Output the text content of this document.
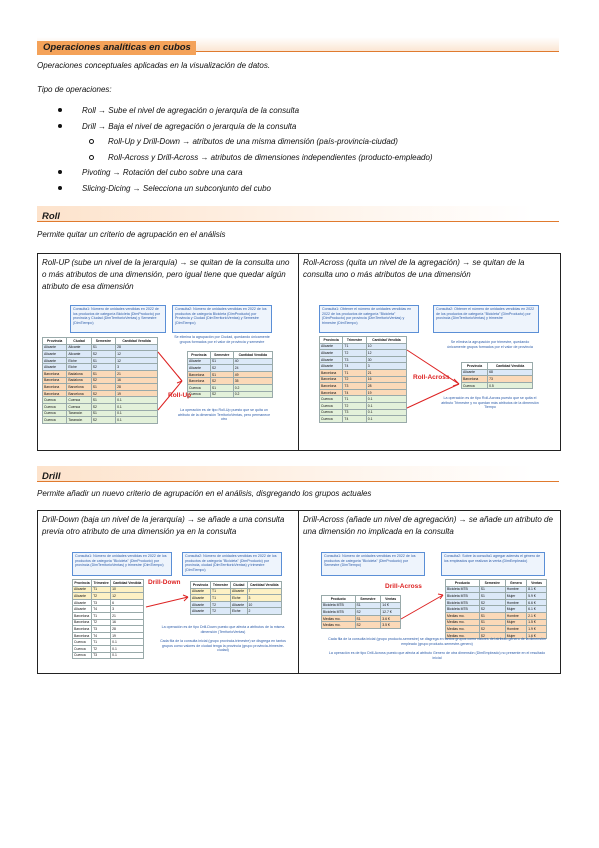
Operaciones analíticas en cubos
Operaciones conceptuales aplicadas en la visualización de datos.
Tipo de operaciones:
Roll → Sube el nivel de agregación o jerarquía de la consulta
Drill → Baja el nivel de agregación o jerarquía de la consulta
Roll-Up y Drill-Down → atributos de una misma dimensión (país-provincia-ciudad)
Roll-Across y Drill-Across → atributos de dimensiones independientes (producto-empleado)
Pivoting → Rotación del cubo sobre una cara
Slicing-Dicing → Selecciona un subconjunto del cubo
Roll
Permite quitar un criterio de agrupación en el análisis
Roll-UP (sube un nivel de la jerarquía) → se quitan de la consulta uno o más atributos de una dimensión, pero igual tiene que quedar algún atributo de esa dimensión
Consulta1: Número de unidades vendidas en 2022 de los productos de categoría Bicicleta (DimProducto) por provincia y Ciudad (DimTerritorioVentas) y Semestre (DimTiempo)
Consulta2: Número de unidades vendidas en 2022 de los productos de categoría Bicicleta (DimProducto) por Provincia y Ciudad (DimTerritorioVentas) y Semestre (DimTiempo)
Provincia	Ciudad	Semestre	Cantidad Vendida
Alicante	Alicante	S1	28
Alicante	Alicante	S2	12
Alicante	Elche	S1	12
Alicante	Elche	S2	3
Barcelona	Badalona	S1	21
Barcelona	Badalona	S2	16
Barcelona	Barcelona	S1	28
Barcelona	Barcelona	S2	19
Cuenca	Cuenca	S1	0.1
Cuenca	Cuenca	S2	0.1
Cuenca	Tarancón	S1	0.1
Cuenca	Tarancón	S2	0.1
Se elimina la agrupación por Ciudad, quedando únicamente grupos formados por el valor de provincia y semestre
Provincia	Semestre	Cantidad Vendida
Alicante	S1	40
Alicante	S2	24
Barcelona	S1	49
Barcelona	S2	35
Cuenca	S1	0.2
Cuenca	S2	0.2
Roll-Up
La operación es de tipo Roll-Up puesto que se quita un atributo de la dimensión TerritorioVentas, pero permanece otro
Roll-Across (quita un nivel de la agregación) → se quitan de la consulta uno o más atributos de una dimensión
Consulta1: Obtener el número de unidades vendidas en 2022 de los productos de categoría "Bicicleta" (DimProducto) por provincia (DimTerritorioVentas) y trimestre (DimTiempo)
Consulta2: Obtener el número de unidades vendidas en 2022 de los productos de categoría "Bicicleta" (DimProducto) por provincia (DimTerritorioVentas) y trimestre
Provincia	Trimestre	Cantidad Vendida
Alicante	T1	10
Alicante	T2	12
Alicante	T3	30
Alicante	T4	3
Barcelona	T1	21
Barcelona	T2	16
Barcelona	T3	28
Barcelona	T4	19
Cuenca	T1	0.1
Cuenca	T2	0.1
Cuenca	T3	0.1
Cuenca	T4	0.1
Se elimina la agrupación por trimestre, quedando únicamente grupos formados por el valor de provincia
Provincia	Cantidad Vendida
Alicante	68
Barcelona	73
Cuenca	0.5
Roll-Across
La operación es de tipo Roll-Across puesto que se quita el atributo Trimestre y no quedan más atributos de la dimensión Tiempo
Drill
Permite añadir un nuevo criterio de agrupación en el análisis, disgregando los grupos actuales
Drill-Down (baja un nivel de la jerarquía) → se añade a una consulta previa otro atributo de una dimensión ya en la consulta
Consulta1: Número de unidades vendidas en 2022 de los productos de categoría "Bicicleta" (DimProducto) por provincia (DimTerritorioVentas) y trimestre (DimTiempo)
Consulta2: Número de unidades vendidas en 2022 de los productos de categoría "Bicicleta" (DimProducto) por provincia, ciudad (DimTerritorioVentas) y trimestre (DimTiempo)
Provincia	Trimestre	Cantidad Vendida
Alicante	T1	10
Alicante	T2	12
Alicante	T3	6
Alicante	T4	3
Barcelona	T1	21
Barcelona	T2	16
Barcelona	T3	28
Barcelona	T4	19
Cuenca	T1	0.1
Cuenca	T2	0.1
Cuenca	T3	0.1
Provincia	Trimestre	Ciudad	Cantidad Vendida
Alicante	T1	Alicante	7
Alicante	T1	Elche	3
Alicante	T2	Alicante	10
Alicante	T2	Elche	2
Drill-Down
La operación es de tipo Drill-Down puesto que afecta a atributos de la misma dimensión (TerritorioVentas)
Cada fila de la consulta inicial (grupo provincia-trimestre) se disgrega en tantos grupos como valores de ciudad tenga la provincia (grupo provincia-trimestre-ciudad)
Drill-Across (añade un nivel de agregación) → se añade un atributo de una dimensión no implicada en la consulta
Consulta1: Número de unidades vendidas en 2022 de los productos de categoría "Bicicleta" (DimProducto) por Semestre (DimTiempo)
Consulta2: Sobre la consulta1 agregar además el género de los empleados que realizan la venta (DimEmpleado)
Producto	Semestre	Ventas
Bicicleta MTB	S1	14 €
Bicicleta MTB	S2	12.7 €
Medias mo.	S1	3.6 €
Medias mo.	S2	3.5 €
Producto	Semestre	Genero	Ventas
Bicicleta MTB	S1	Hombre	8.1 €
Bicicleta MTB	S1	Mujer	5.9 €
Bicicleta MTB	S2	Hombre	6.6 €
Bicicleta MTB	S2	Mujer	6.1 €
Medias mo.	S1	Hombre	2.1 €
Medias mo.	S1	Mujer	1.5 €
Medias mo.	S2	Hombre	1.9 €
Medias mo.	S2	Mujer	1.6 €
Drill-Across
Cada fila de la consulta inicial (grupo producto-semestre) se disgrega en tantos grupos como valores del atributo género de la dimensión empleado (grupo producto-semestre-genero)
La operación es de tipo Drill-Across puesto que afecta al atributo Genero de otra dimensión (DimEmpleado) no presente en el resultado inicial
